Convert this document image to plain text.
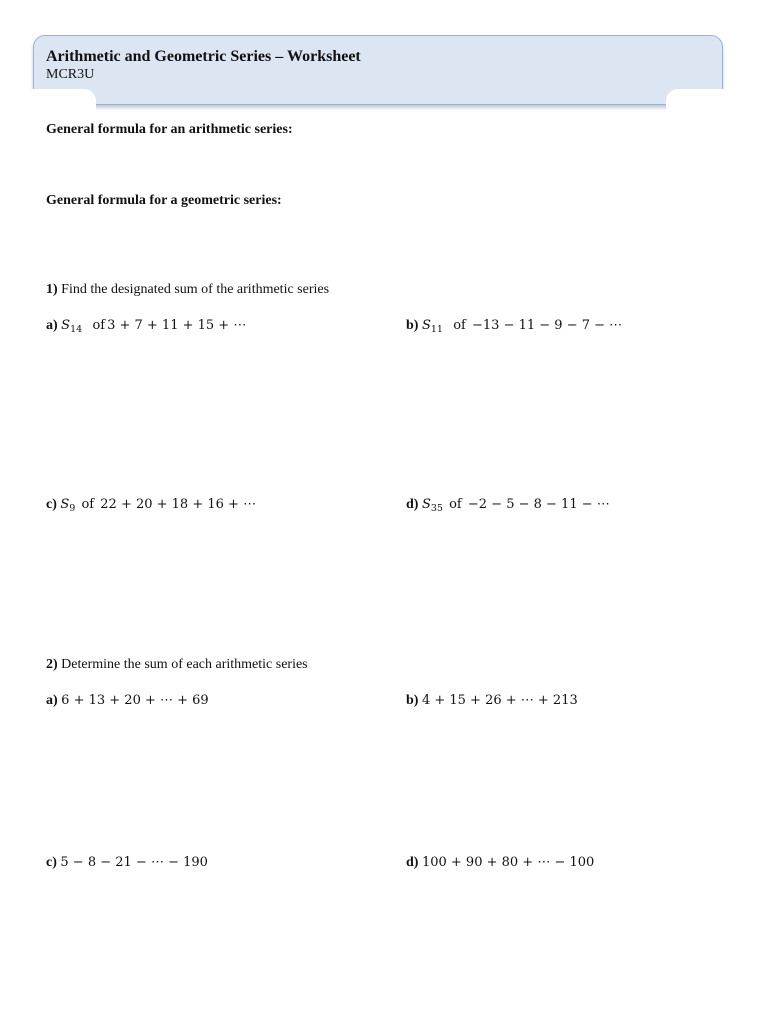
Arithmetic and Geometric Series – Worksheet
MCR3U
General formula for an arithmetic series:
General formula for a geometric series:
1) Find the designated sum of the arithmetic series
a) $S_{14}$ of 3 + 7 + 11 + 15 + ⋯	b) $S_{11}$ of −13 − 11 − 9 − 7 − ⋯
c) $S_9$ of 22 + 20 + 18 + 16 + ⋯	d) $S_{35}$ of −2 − 5 − 8 − 11 − ⋯
2) Determine the sum of each arithmetic series
a) 6 + 13 + 20 + ⋯ + 69	b) 4 + 15 + 26 + ⋯ + 213
c) 5 − 8 − 21 − ⋯ − 190	d) 100 + 90 + 80 + ⋯ − 100
